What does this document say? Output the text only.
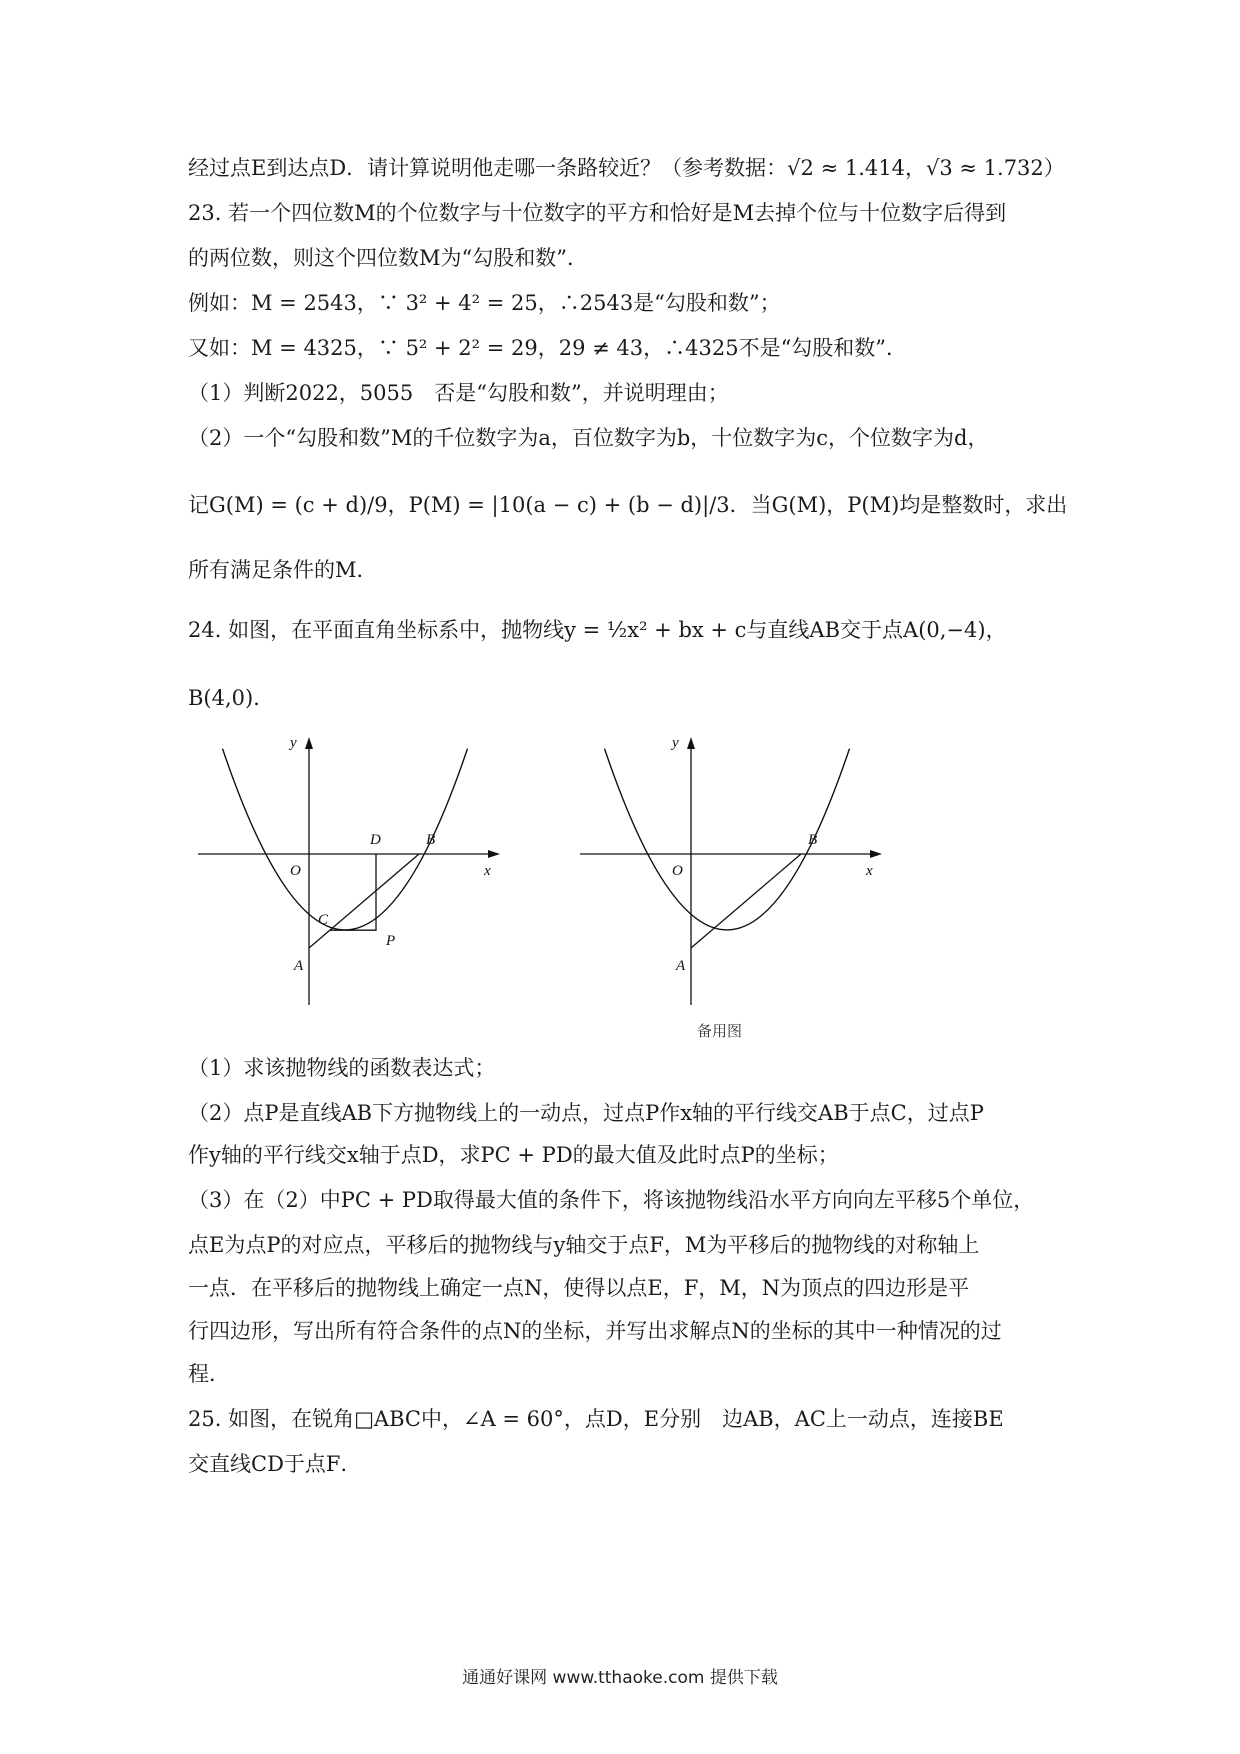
经过点E到达点D．请计算说明他走哪一条路较近？（参考数据：√2 ≈ 1.414，√3 ≈ 1.732）
23. 若一个四位数M的个位数字与十位数字的平方和恰好是M去掉个位与十位数字后得到
的两位数，则这个四位数M为“勾股和数”．
例如：M = 2543，∵ 3² + 4² = 25，∴2543是“勾股和数”；
又如：M = 4325，∵ 5² + 2² = 29，29 ≠ 43，∴4325不是“勾股和数”．
（1）判断2022，5055　否是“勾股和数”，并说明理由；
（2）一个“勾股和数”M的千位数字为a，百位数字为b，十位数字为c，个位数字为d，
记G(M) = (c + d)/9，P(M) = |10(a − c) + (b − d)|/3．当G(M)，P(M)均是整数时，求出
所有满足条件的M．
24. 如图，在平面直角坐标系中，抛物线y = ½x² + bx + c与直线AB交于点A(0,−4)，
B(4,0)．
y
x
O
A
B
C
D
P
y
x
O
A
B
备用图
（1）求该抛物线的函数表达式；
（2）点P是直线AB下方抛物线上的一动点，过点P作x轴的平行线交AB于点C，过点P
作y轴的平行线交x轴于点D，求PC + PD的最大值及此时点P的坐标；
（3）在（2）中PC + PD取得最大值的条件下，将该抛物线沿水平方向向左平移5个单位，
点E为点P的对应点，平移后的抛物线与y轴交于点F，M为平移后的抛物线的对称轴上
一点．在平移后的抛物线上确定一点N，使得以点E，F，M，N为顶点的四边形是平
行四边形，写出所有符合条件的点N的坐标，并写出求解点N的坐标的其中一种情况的过
程．
25. 如图，在锐角□ABC中，∠A = 60°，点D，E分别　边AB，AC上一动点，连接BE
交直线CD于点F．
通通好课网 www.tthaoke.com 提供下载
